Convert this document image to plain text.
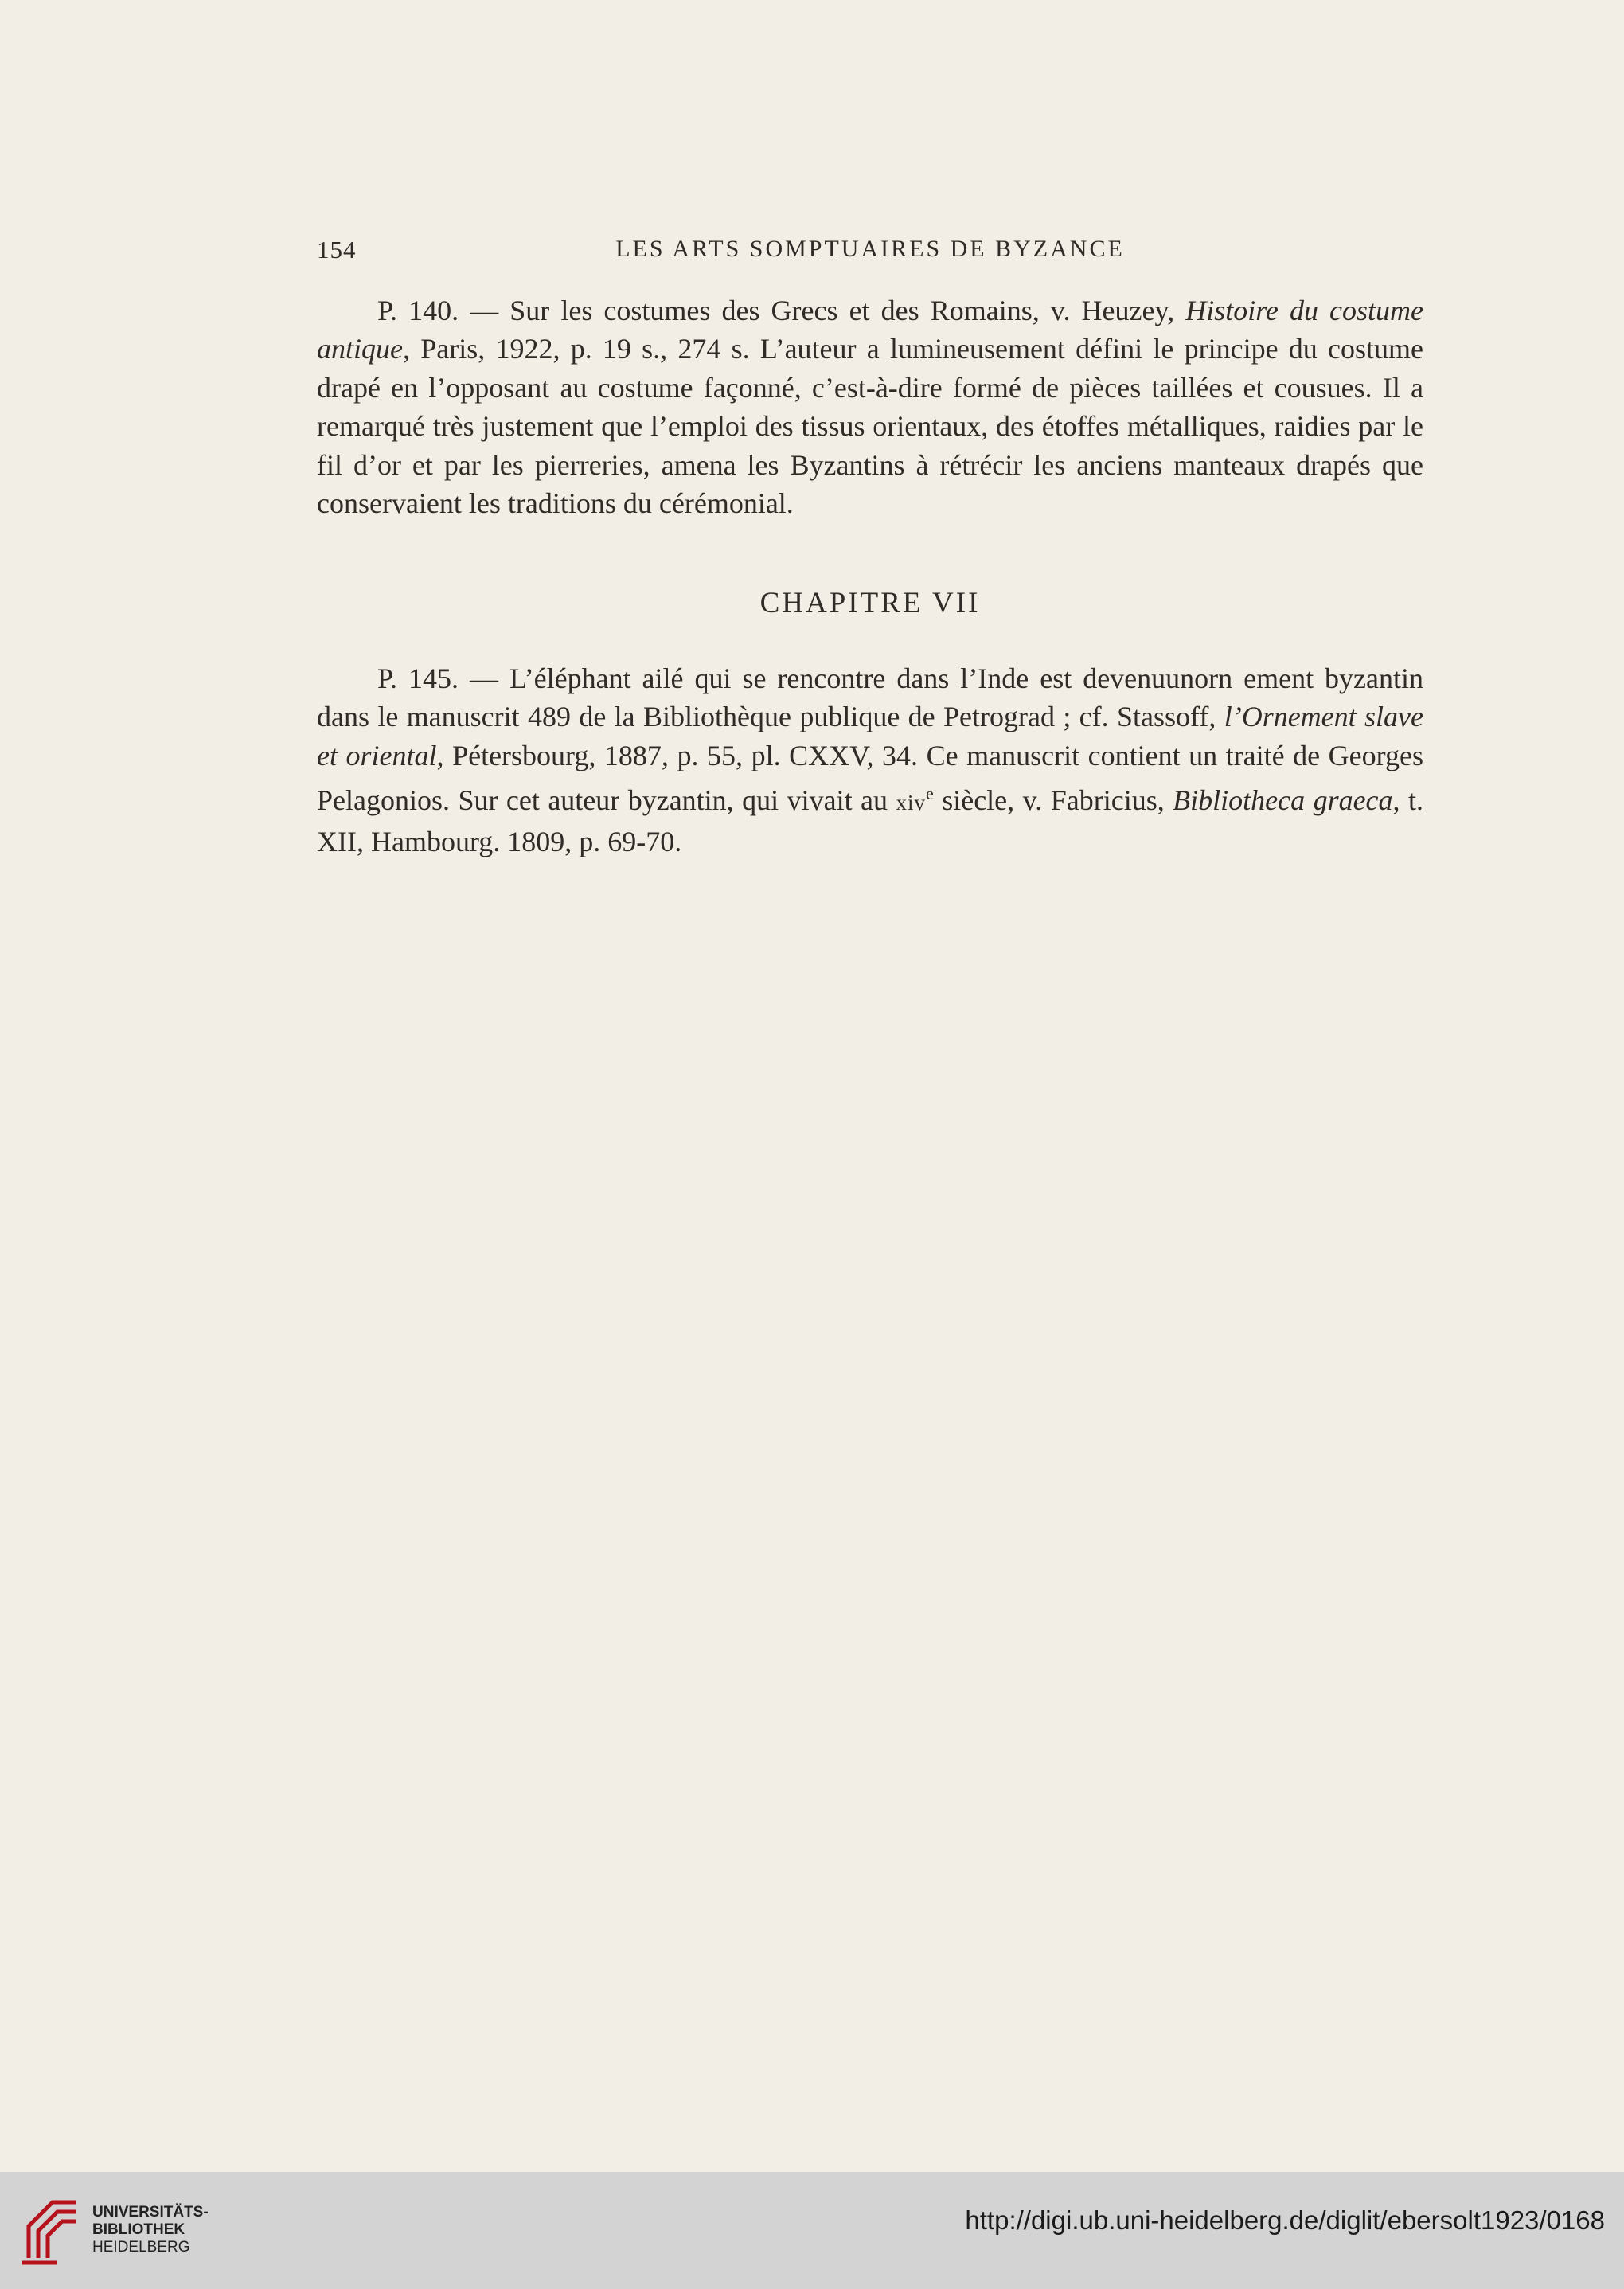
154	LES ARTS SOMPTUAIRES DE BYZANCE

P. 140. — Sur les costumes des Grecs et des Romains, v. Heuzey, Histoire du costume antique, Paris, 1922, p. 19 s., 274 s. L’auteur a lumineusement défini le principe du costume drapé en l’opposant au costume façonné, c’est-à-dire formé de pièces taillées et cousues. Il a remarqué très justement que l’emploi des tissus orientaux, des étoffes métalliques, raidies par le fil d’or et par les pierreries, amena les Byzantins à rétrécir les anciens manteaux drapés que conservaient les traditions du cérémonial.

CHAPITRE VII

P. 145. — L’éléphant ailé qui se rencontre dans l’Inde est devenuunorn ement byzantin dans le manuscrit 489 de la Bibliothèque publique de Petrograd ; cf. Stassoff, l’Ornement slave et oriental, Pétersbourg, 1887, p. 55, pl. CXXV, 34. Ce manuscrit contient un traité de Georges Pelagonios. Sur cet auteur byzantin, qui vivait au xiv$^e$ siècle, v. Fabricius, Bibliotheca graeca, t. XII, Hambourg. 1809, p. 69-70.

UNIVERSITÄTS-
BIBLIOTHEK
HEIDELBERG
http://digi.ub.uni-heidelberg.de/diglit/ebersolt1923/0168
